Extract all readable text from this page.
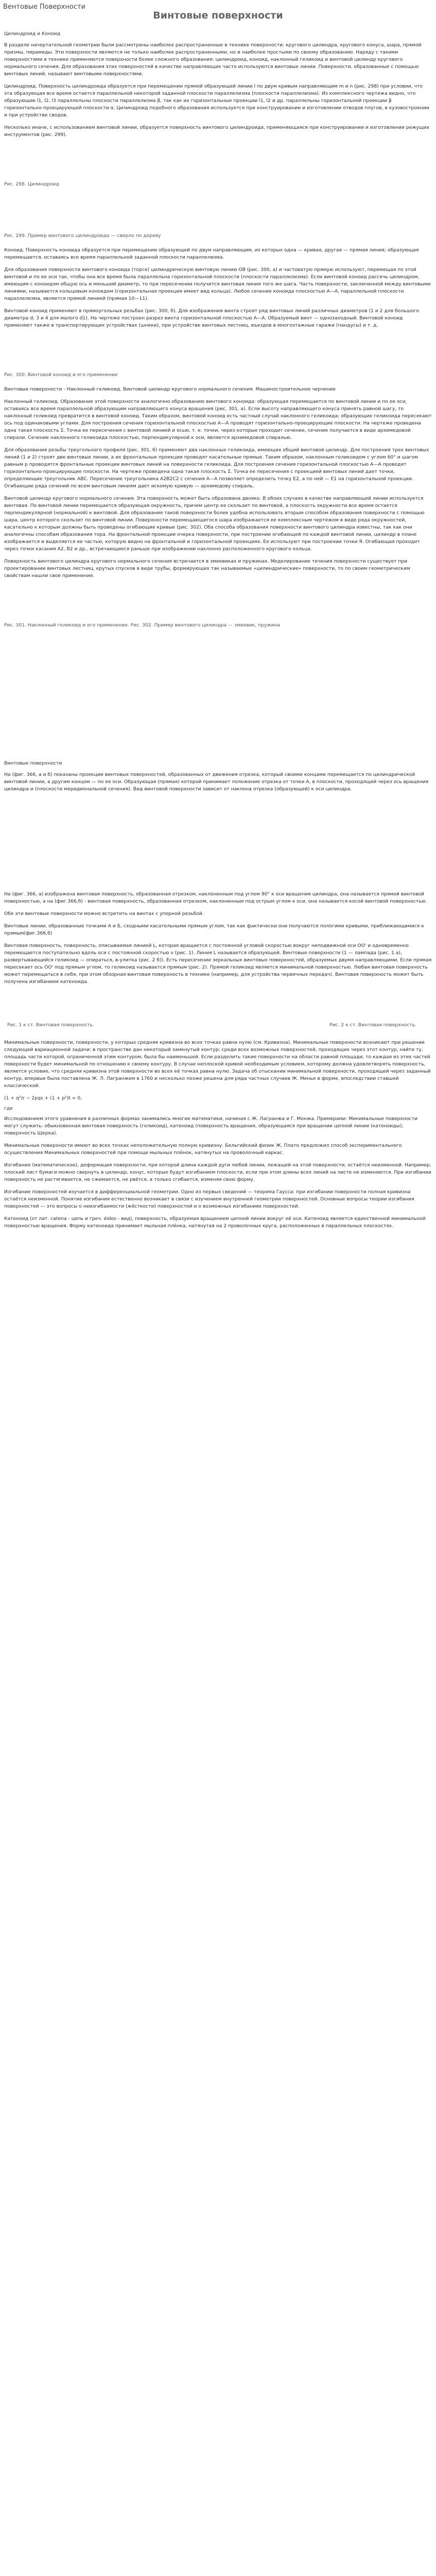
Вентовые Поверхности
Винтовые поверхности

Цилиндроид и Коноид

В разделе начертательной геометрии были рассмотрены наиболее распространенные в технике поверхности: кругового цилиндра, кругового конуса, шара, прямой призмы, пирамиды. Эти поверхности являются не только наиболее распространенными, но и наиболее простыми по своему образованию. Наряду с такими поверхностями в технике применяются поверхности более сложного образования: цилиндроид, коноид, наклонный геликоид и винтовой цилиндр кругового нормального сечения. Для образования этих поверхностей в качестве направляющих часто используются винтовые линии. Поверхности, образованные с помощью винтовых линий, называют винтовыми поверхностями.

Цилиндроид. Поверхность цилиндроида образуется при перемещении прямой образующей линии l по двум кривым направляющим m и n (рис. 298) при условии, что эта образующая все время остается параллельной некоторой заданной плоскости параллелизма (плоскости параллелизма). Из комплексного чертежа видно, что образующие l1, l2, l3 параллельны плоскости параллелизма β, так как их горизонтальные проекции l1, l2 и др. параллельны горизонтальной проекции β горизонтально-проецирующей плоскости α. Цилиндроид подобного образования используется при конструировании и изготовлении отводов плугов, в кузовостроении и при устройстве сводов.

Несколько иначе, с использованием винтовой линии, образуется поверхность винтового цилиндроида, применяющаяся при конструировании и изготовлении режущих инструментов (рис. 299).

Рис. 298. Цилиндроид

Рис. 299. Пример винтового цилиндроида — сверло по дереву

Коноид. Поверхность коноида образуется при перемещении образующей по двум направляющим, из которых одна — кривая, другая — прямая линия; образующая перемещается, оставаясь все время параллельной заданной плоскости параллелизма.

Для образования поверхности винтового коноида (торсе) цилиндрическую винтовую линию ОВ (рис. 300, а) и частоватую прямую используют, перемещая по этой винтовой и по ее оси так, чтобы она все время была параллельна горизонтальной плоскости (плоскости параллелизма). Если винтовой коноид рассечь цилиндром, имеющим с коноидом общую ось и меньший диаметр, то при пересечении получится винтовая линия того же шага. Часть поверхности, заключенной между винтовыми линиями, называется кольцевым коноидом (горизонтальная проекция имеет вид кольца). Любое сечение коноида плоскостью А—А, параллельной плоскости параллелизма, является прямой линией (прямая 10—11).

Винтовой коноид применяют в прямоугольных резьбах (рис. 300, б). Для изображения винта строят ряд винтовых линий различных диаметров (1 и 2 для большого диаметра d; 3 и 4 для малого d1). На чертеже построен разрез винта горизонтальной плоскостью А—А. Образуемый винт — однозаходный. Винтовой коноид применяют также в транспортирующих устройствах (шнеки), при устройстве винтовых лестниц, въездов в многоэтажные гаражи (пандусы) и т. д.

Рис. 300. Винтовой коноид и его применение

Винтовые поверхности - Наклонный геликоид. Винтовой цилиндр кругового нормального сечения. Машиностроительное черчение

Наклонный геликоид. Образование этой поверхности аналогично образованию винтового коноида: образующая перемещается по винтовой линии и по ее оси, оставаясь все время параллельной образующим направляющего конуса вращения (рис. 301, а). Если высоту направляющего конуса принять равной шагу, то наклонный геликоид превратится в винтовой коноид. Таким образом, винтовой коноид есть частный случай наклонного геликоида; образующие геликоида пересекают ось под одинаковыми углами. Для построения сечения горизонтальной плоскостью А—А проводят горизонтально-проецирующие плоскости. На чертеже проведена одна такая плоскость Σ. Точка ее пересечения с винтовой линией и осью, т. е. точки, через которые проходит сечение, сечение получается в виде архимедовой спирали. Сечение наклонного геликоида плоскостью, перпендикулярной к оси, является архимедовой спиралью.

Для образования резьбы треугольного профиля (рис. 301, б) применяют два наклонных геликоида, имеющих общий винтовой цилиндр. Для построения трех винтовых линий (1 и 2) строят две винтовые линии, а их фронтальные проекции проводят касательные прямые. Таким образом, наклонным геликоидом с углом 60° и шагом равным р проводятся фронтальные проекции винтовых линий на поверхности геликоида. Для построения сечения горизонтальной плоскостью А—А проводят горизонтально-проецирующие плоскости. На чертеже проведена одна такая плоскость Σ. Точка ее пересечения с проекцией винтовых линий дает точки, определяющие треугольник ABC. Пересечение треугольника А2В2С2 с сечения А—А позволяет определить точку Е2, а по ней — Е1 на горизонтальной проекции. Огибающие ряда сечений по всем винтовым линиям дает искомую кривую — архимедову спираль.

Винтовой цилиндр кругового нормального сечения. Эта поверхность может быть образована двояко. В обоих случаях в качестве направляющей линии используется винтовая. По винтовой линии перемещается образующая окружность, причем центр ее скользит по винтовой, а плоскость окружности все время остается перпендикулярной (нормальной) к винтовой. Для образования такой поверхности более удобна использовать вторым способом образования поверхности с помощью шара, центр которого скользит по винтовой линии. Поверхности перемещающегося шара изображается ее комплексным чертежом в виде ряда окружностей, касательно к которым должны быть проведены огибающие кривые (рис. 302). Оба способа образования поверхности винтового цилиндра известны, так как они аналогичны способам образования тора. На фронтальной проекции очерка поверхности, при построении огибающей по каждой винтовой линии, цилиндр в плане изображается и выделяется ее частью, которую видно на фронтальной и горизонтальной проекциях. Ее используют при построении точки Я. Огибающая проходит через точки касания А2, В2 и др., встречающиеся раньше при изображении наклонно расположенного кругового кольца.

Поверхность винтового цилиндра кругового нормального сечения встречается в змеевиках и пружинах. Моделирование течения поверхности существует при проектировании винтовых лестниц, крутых спусков в виде трубы, формирующих так называемые «цилиндрические» поверхности, то по своим геометрическим свойствам нашли свое применение.

Рис. 301. Наклонный геликоид и его применение. Рис. 302. Пример винтового цилиндра — змеевик, пружина

Винтовые поверхности

На (фиг. 366, а и б) показаны проекции винтовых поверхностей, образованных от движения отрезка, который своими концами перемещается по цилиндрической винтовой линии, а другим концом — по ее оси. Образующая (прямая) которой принимает положение отрезка от точки А, в плоскости, проходящей через ось вращения цилиндра и (плоскости меридиональной сечения). Вид винтовой поверхности зависит от наклона отрезка (образующей) к оси цилиндра.

На (фиг. 366, а) изображена винтовая поверхность, образованная отрезком, наклоненным под углом 90° к оси вращения цилиндра, она называется прямой винтовой поверхностью, а на (фиг.366,б) - винтовая поверхность, образованная отрезком, наклоненным под острым углом к оси, она называется косой винтовой поверхностью.

Обе эти винтовые поверхности можно встретить на винтах с упорной резьбой.

Винтовые линии, образованные точками А и Б, сходными касательными прямым углом, так как фактически они получаются пологими кривыми, приближающимися к прямым(фиг.366,б)

Винтовая поверхность, поверхность, описываемая линией L, которая вращается с постоянной угловой скоростью вокруг неподвижной оси OO' и одновременно перемещается поступательно вдоль оси с постоянной скоростью v (рис. 1). Линия L называется образующей. Винтовые поверхности (1 — лампада (рис. 1 а), развертывающийся геликоид — опираться, в-улитка (рис. 2 б)). Есть пересечение зеркальных винтовых поверхностей, образуемых двумя направляющими. Если прямая пересекает ось OO' под прямым углом, то геликоид называется прямым (рис. 2). Прямой геликоид является минимальной поверхностью. Любая винтовая поверхность может перемещаться в себя, при этом обзорная винтовая поверхность в технике (например, для устройства червячных передач). Винтовая поверхность может быть получена изгибанием катеноида.

Рис. 1 к ст. Винтовая поверхность.	Рис. 2 к ст. Винтовая поверхность.

Минимальные поверхности, поверхности, у которых средняя кривизна во всех точках равна нулю (см. Кривизна). Минимальные поверхности возникают при решении следующей вариационной задачи: в пространстве дан некоторый замкнутый контур; среди всех возможных поверхностей, проходящих через этот контур, найти ту, площадь части которой, ограниченной этим контуром, была бы наименьшей. Если разделить такие поверхности на области равной площади, то каждая из этих частей поверхности будет минимальной по отношению к своему контуру. В случае неплоской кривой необходимым условием, которому должна удовлетворять поверхность, является условие, что средняя кривизна этой поверхности во всех её точках равна нулю. Задача об отыскании минимальной поверхности, проходящей через заданный контур, впервые была поставлена Ж. Л. Лагранжем в 1760 и несколько позже решена для ряда частных случаев Ж. Менье в форме, впоследствии ставшей классической.

(1 + q²)r − 2pqs + (1 + p²)t = 0,

где

Исследованием этого уравнения в различных формах занимались многие математики, начиная с Ж. Лагранжа и Г. Монжа. Примерами: Минимальные поверхности могут служить: обыкновенная винтовая поверхность (геликоид), катеноид (поверхность вращения, образующаяся при вращении цепной линии (катеноиды); поверхность Шерка).

Минимальные поверхности имеют во всех точках неположительную полную кривизну. Бельгийский физик Ж. Плато предложил способ экспериментального осуществления Минимальных поверхностей при помощи мыльных плёнок, натянутых на проволочный каркас.

Изгибание (математическое), деформация поверхности, при которой длина каждой дуги любой линии, лежащей на этой поверхности, остаётся неизменной. Например, плоский лист бумаги можно свернуть в цилиндр, конус, которые будут изгибанием плоскости, если при этом длины всех линий на листе не изменяются. При изгибании поверхность не растягивается, не сжимается, не рвётся, а только сгибается, изменяя свою форму.

Изгибание поверхностей изучается в дифференциальной геометрии. Одно из первых сведений — теорема Гаусса: при изгибании поверхности полная кривизна остаётся неизменной. Понятие изгибания естественно возникает в связи с изучением внутренней геометрии поверхностей. Основные вопросы теории изгибания поверхностей — это вопросы о неизгибаемости (жёсткости) поверхностей и о возможных изгибаниях поверхностей.

Катеноид (от лат. catena - цепь и греч. éidos - вид), поверхность, образуемая вращением цепной линии вокруг её оси. Катеноид является единственной минимальной поверхностью вращения. Форму катеноида принимает мыльная плёнка, натянутая на 2 проволочных круга, расположенных в параллельных плоскостях.
